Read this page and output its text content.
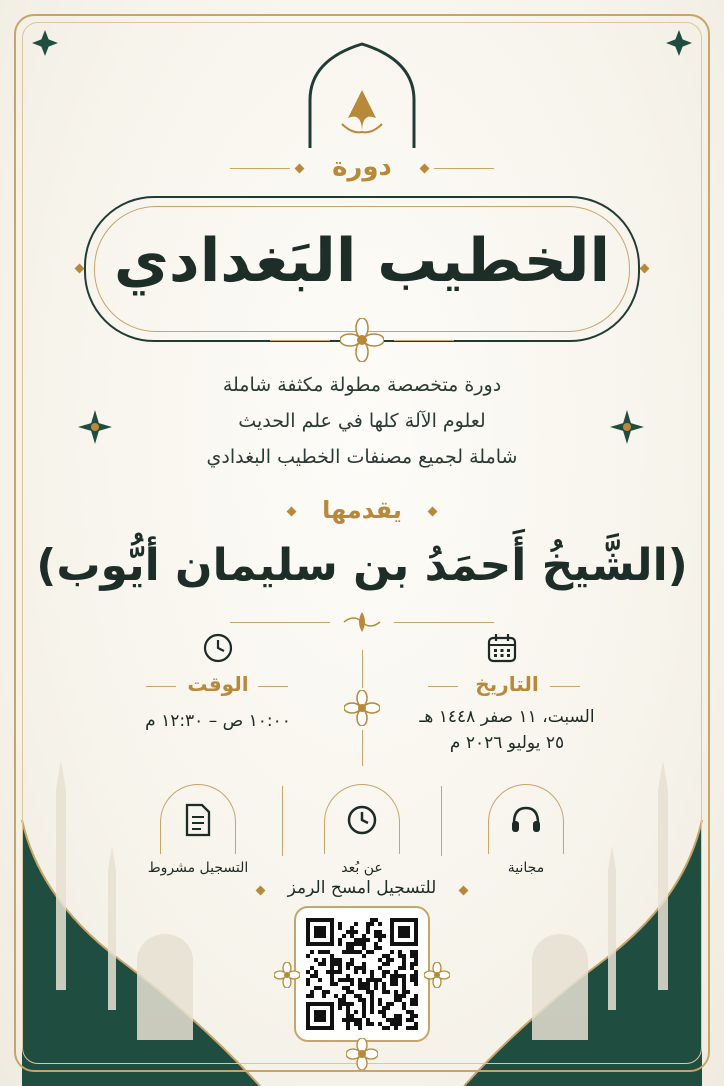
دورة
الخطيب البَغدادي
دورة متخصصة مطولة مكثفة شاملة
لعلوم الآلة كلها في علم الحديث
شاملة لجميع مصنفات الخطيب البغدادي
يقدمها
(الشَّيخُ أَحمَدُ بن سليمان أيُّوب)
التاريخ
السبت، ١١ صفر ١٤٤٨ هـ
٢٥ يوليو ٢٠٢٦ م
الوقت
١٠:٠٠ ص – ١٢:٣٠ م
مجانية
عن بُعد
التسجيل مشروط
للتسجيل امسح الرمز
